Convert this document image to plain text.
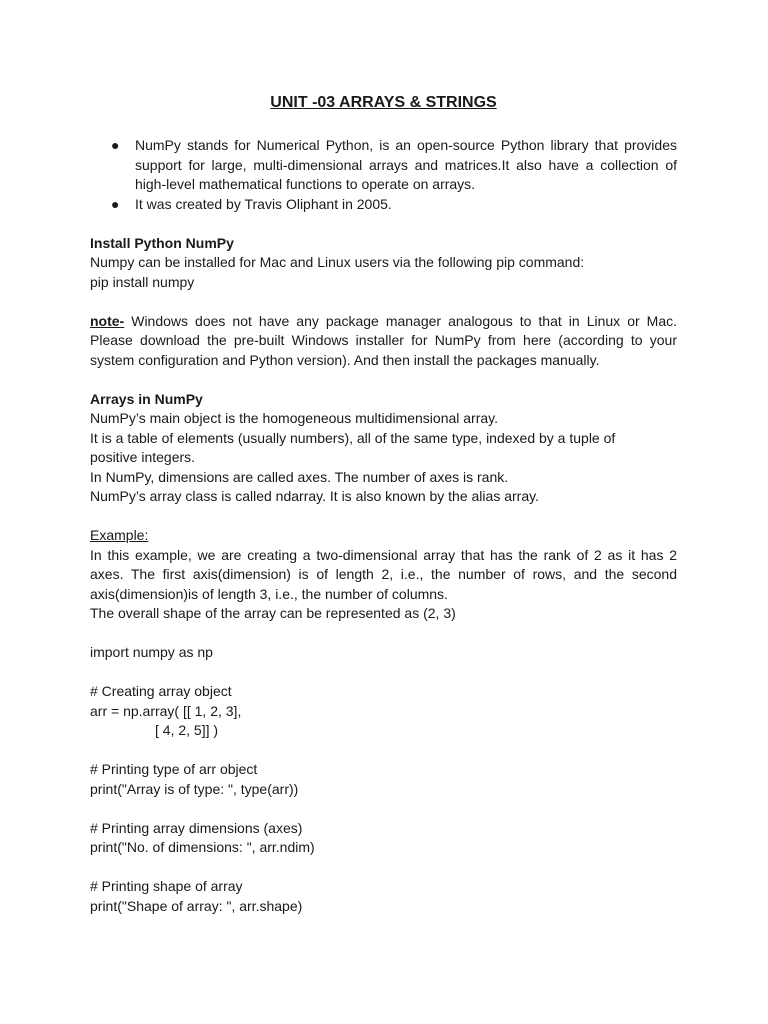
UNIT -03 ARRAYS & STRINGS
● NumPy stands for Numerical Python, is an open-source Python library that provides support for large, multi-dimensional arrays and matrices.It also have a collection of high-level mathematical functions to operate on arrays.
● It was created by Travis Oliphant in 2005.
Install Python NumPy
Numpy can be installed for Mac and Linux users via the following pip command:
pip install numpy
note- Windows does not have any package manager analogous to that in Linux or Mac. Please download the pre-built Windows installer for NumPy from here (according to your system configuration and Python version). And then install the packages manually.
Arrays in NumPy
NumPy’s main object is the homogeneous multidimensional array.
It is a table of elements (usually numbers), all of the same type, indexed by a tuple of
positive integers.
In NumPy, dimensions are called axes. The number of axes is rank.
NumPy’s array class is called ndarray. It is also known by the alias array.
Example:
In this example, we are creating a two-dimensional array that has the rank of 2 as it has 2 axes. The first axis(dimension) is of length 2, i.e., the number of rows, and the second axis(dimension)is of length 3, i.e., the number of columns.
The overall shape of the array can be represented as (2, 3)
import numpy as np
# Creating array object
arr = np.array( [[ 1, 2, 3],
[ 4, 2, 5]] )
# Printing type of arr object
print("Array is of type: ", type(arr))
# Printing array dimensions (axes)
print("No. of dimensions: ", arr.ndim)
# Printing shape of array
print("Shape of array: ", arr.shape)
